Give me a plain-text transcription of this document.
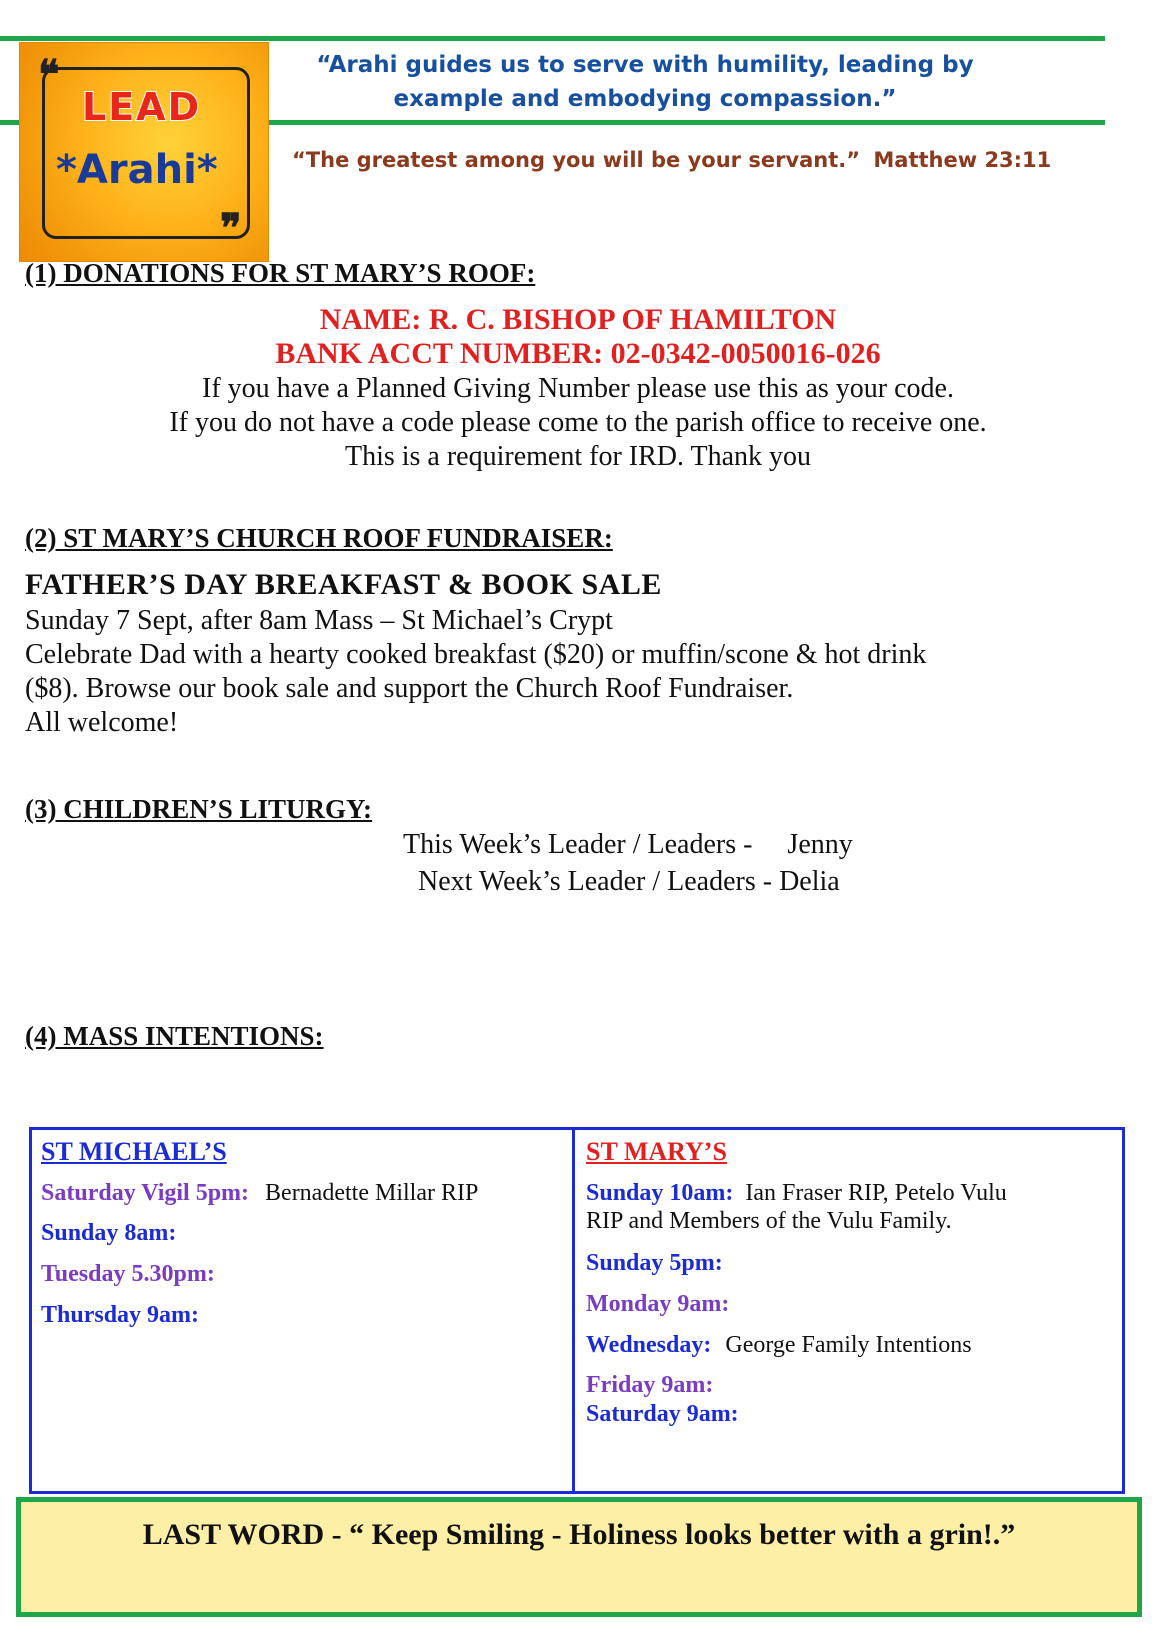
❝
LEAD
*Arahi*
❞
“Arahi guides us to serve with humility, leading by example and embodying compassion.”
“The greatest among you will be your servant.” Matthew 23:11
(1) DONATIONS FOR ST MARY’S ROOF:
NAME: R. C. BISHOP OF HAMILTON
BANK ACCT NUMBER: 02-0342-0050016-026
If you have a Planned Giving Number please use this as your code.
If you do not have a code please come to the parish office to receive one.
This is a requirement for IRD. Thank you
(2) ST MARY’S CHURCH ROOF FUNDRAISER:
FATHER’S DAY BREAKFAST & BOOK SALE
Sunday 7 Sept, after 8am Mass – St Michael’s Crypt
Celebrate Dad with a hearty cooked breakfast ($20) or muffin/scone & hot drink
($8). Browse our book sale and support the Church Roof Fundraiser.
All welcome!
(3) CHILDREN’S LITURGY:
This Week’s Leader / Leaders - Jenny
Next Week’s Leader / Leaders - Delia
(4) MASS INTENTIONS:
ST MICHAEL’S
Saturday Vigil 5pm: Bernadette Millar RIP
Sunday 8am:
Tuesday 5.30pm:
Thursday 9am:
ST MARY’S
Sunday 10am: Ian Fraser RIP, Petelo Vulu
RIP and Members of the Vulu Family.
Sunday 5pm:
Monday 9am:
Wednesday: George Family Intentions
Friday 9am:
Saturday 9am:
LAST WORD - “ Keep Smiling - Holiness looks better with a grin!.”
